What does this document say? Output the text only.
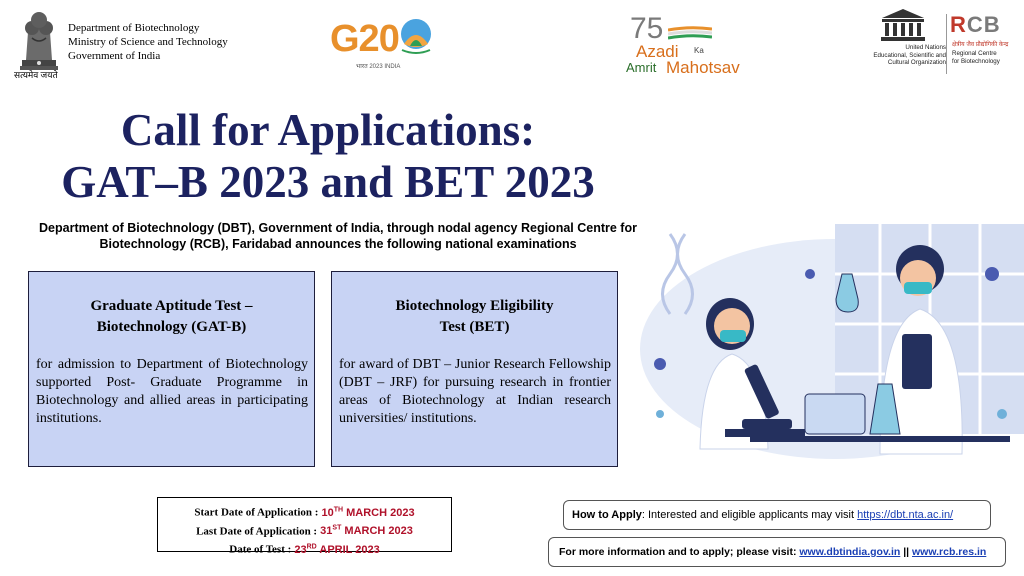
Department of Biotechnology
Ministry of Science and Technology
Government of India
सत्यमेव जयते
G20
भारत 2023 INDIA
75
Azadi Ka
Amrit Mahotsav
United Nations
Educational, Scientific and
Cultural Organization
RCB
क्षेत्रीय जैव प्रौद्योगिकी केन्द्र
Regional Centre
for Biotechnology
Call for Applications:
GAT–B 2023 and BET 2023
Department of Biotechnology (DBT), Government of India, through nodal agency Regional Centre for Biotechnology (RCB), Faridabad announces the following national examinations
Graduate Aptitude Test –
Biotechnology (GAT-B)
for admission to Department of Biotechnology supported Post- Graduate Programme in Biotechnology and allied areas in participating institutions.
Biotechnology Eligibility
Test (BET)
for award of DBT – Junior Research Fellowship (DBT – JRF) for pursuing research in frontier areas of Biotechnology at Indian research universities/ institutions.
Start Date of Application : 10TH MARCH 2023
Last Date of Application : 31ST MARCH 2023
Date of Test : 23RD APRIL 2023
How to Apply: Interested and eligible applicants may visit https://dbt.nta.ac.in/
For more information and to apply; please visit: www.dbtindia.gov.in || www.rcb.res.in
